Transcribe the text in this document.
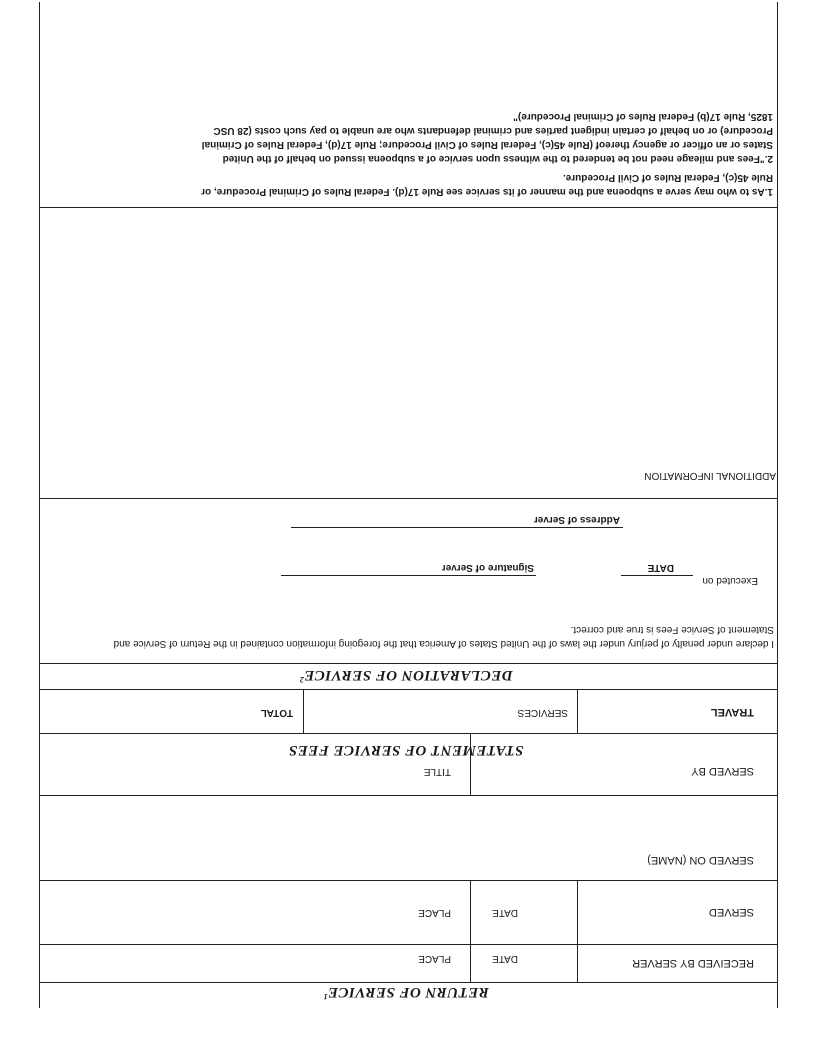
RETURN OF SERVICE$^1$
RECEIVED BY SERVER
DATE
PLACE
SERVED
DATE
PLACE
SERVED ON (NAME)
SERVED BY
TITLE
STATEMENT OF SERVICE FEES
TRAVEL
SERVICES
TOTAL
DECLARATION OF SERVICE$^2$
I declare under penalty of perjury under the laws of the United States of America that the foregoing information contained in the Return of Service and
Statement of Service Fees is true and correct.
Executed on
DATE
Signature of Server
Address of Server
ADDITIONAL INFORMATION
1.As to who may serve a subpoena and the manner of its service see Rule 17(d). Federal Rules of Criminal Procedure, or
Rule 45(c), Federal Rules of Civil Procedure.
2."Fees and mileage need not be tendered to the witness upon service of a subpoena issued on behalf of the United
States or an officer or agency thereof (Rule 45(c), Federal Rules of Civil Procedure; Rule 17(d), Federal Rules of Criminal
Procedure) or on behalf of certain indigent parties and criminal defendants who are unable to pay such costs (28 USC
1825, Rule 17(b) Federal Rules of Criminal Procedure)"
